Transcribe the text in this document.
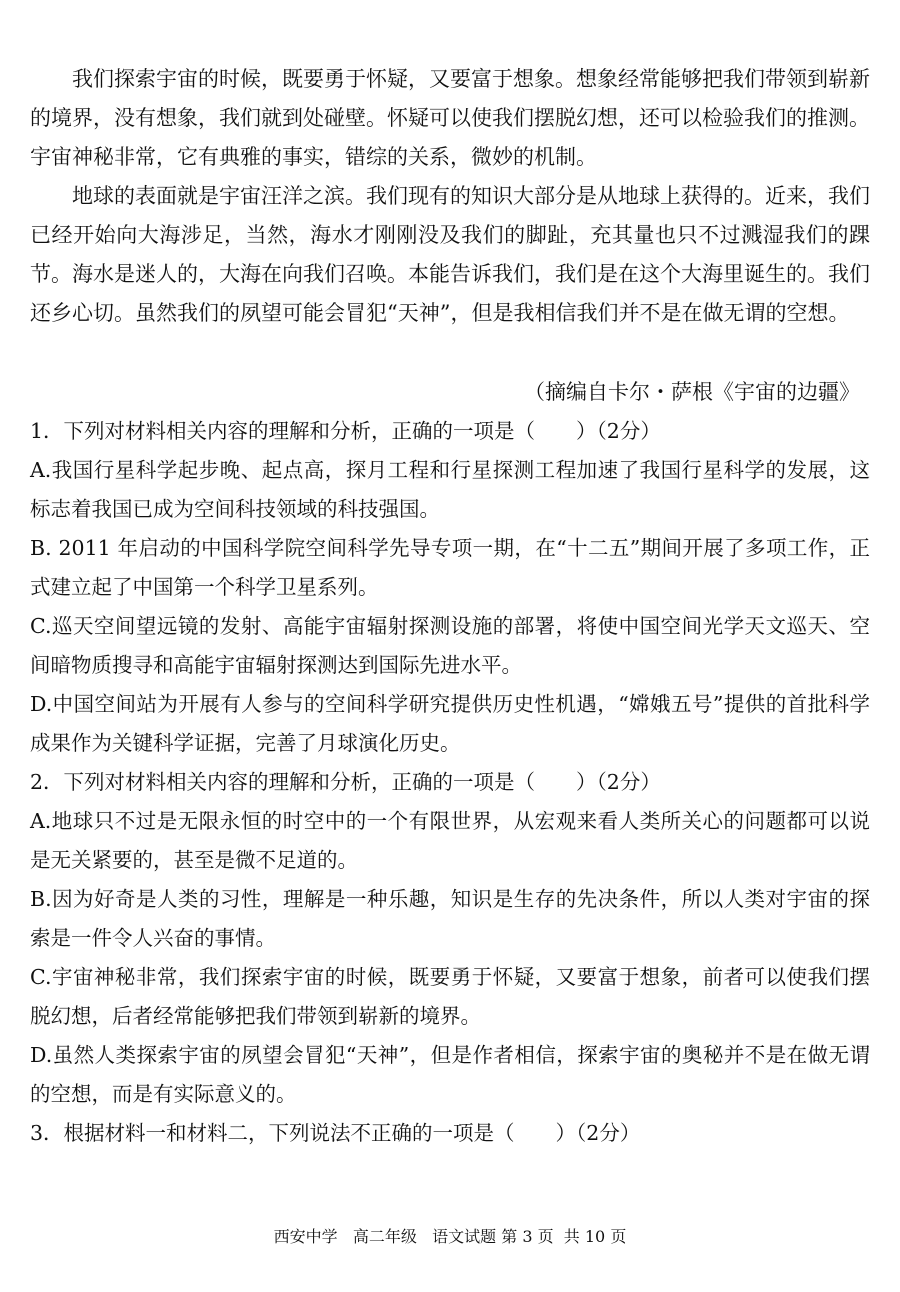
我们探索宇宙的时候，既要勇于怀疑，又要富于想象。想象经常能够把我们带领到崭新的境界，没有想象，我们就到处碰壁。怀疑可以使我们摆脱幻想，还可以检验我们的推测。宇宙神秘非常，它有典雅的事实，错综的关系，微妙的机制。

地球的表面就是宇宙汪洋之滨。我们现有的知识大部分是从地球上获得的。近来，我们已经开始向大海涉足，当然，海水才刚刚没及我们的脚趾，充其量也只不过溅湿我们的踝节。海水是迷人的，大海在向我们召唤。本能告诉我们，我们是在这个大海里诞生的。我们还乡心切。虽然我们的夙望可能会冒犯“天神”，但是我相信我们并不是在做无谓的空想。

（摘编自卡尔・萨根《宇宙的边疆》

1．下列对材料相关内容的理解和分析，正确的一项是（　　）（2分）

A.我国行星科学起步晚、起点高，探月工程和行星探测工程加速了我国行星科学的发展，这标志着我国已成为空间科技领域的科技强国。

B. 2011 年启动的中国科学院空间科学先导专项一期，在“十二五”期间开展了多项工作，正式建立起了中国第一个科学卫星系列。

C.巡天空间望远镜的发射、高能宇宙辐射探测设施的部署，将使中国空间光学天文巡天、空间暗物质搜寻和高能宇宙辐射探测达到国际先进水平。

D.中国空间站为开展有人参与的空间科学研究提供历史性机遇，“嫦娥五号”提供的首批科学成果作为关键科学证据，完善了月球演化历史。

2．下列对材料相关内容的理解和分析，正确的一项是（　　）（2分）

A.地球只不过是无限永恒的时空中的一个有限世界，从宏观来看人类所关心的问题都可以说是无关紧要的，甚至是微不足道的。

B.因为好奇是人类的习性，理解是一种乐趣，知识是生存的先决条件，所以人类对宇宙的探索是一件令人兴奋的事情。

C.宇宙神秘非常，我们探索宇宙的时候，既要勇于怀疑，又要富于想象，前者可以使我们摆脱幻想，后者经常能够把我们带领到崭新的境界。

D.虽然人类探索宇宙的夙望会冒犯“天神”，但是作者相信，探索宇宙的奥秘并不是在做无谓的空想，而是有实际意义的。

3．根据材料一和材料二，下列说法不正确的一项是（　　）（2分）

西安中学   高二年级   语文试题 第 3 页  共 10 页
